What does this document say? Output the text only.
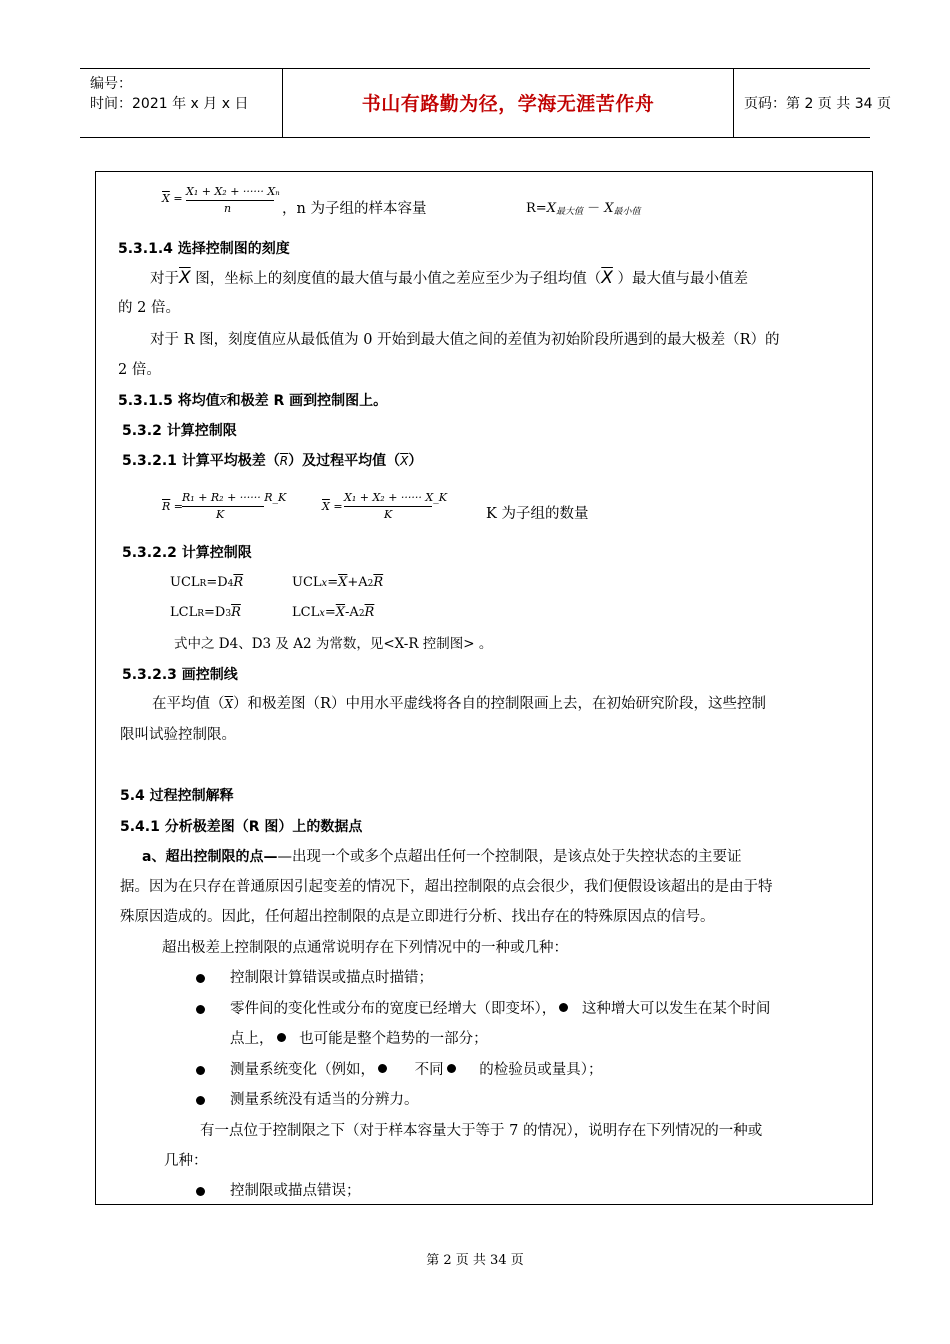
编号：
时间：2021 年 x 月 x 日	书山有路勤为径，学海无涯苦作舟	页码：第 2 页 共 34 页
$\overline{X}$ =
X₁ + X₂ + ······ Xₙ
n	，n 为子组的样本容量	$R=X_{最大值} - X_{最小值}$
5.3.1.4 选择控制图的刻度
对于$\overline{X}$ 图，坐标上的刻度值的最大值与最小值之差应至少为子组均值（$\overline{X}$ ）最大值与最小值差
的 2 倍。
对于 R 图，刻度值应从最低值为 0 开始到最大值之间的差值为初始阶段所遇到的最大极差（R）的
2 倍。
5.3.1.5 将均值$\overline{X}$和极差 R 画到控制图上。
5.3.2 计算控制限
5.3.2.1 计算平均极差$(\overline{R})$及过程平均值$(\overline{X})$
$\overline{R}$ =
R₁ + R₂ + ······ R_K
K
$\overline{X}$ =
X₁ + X₂ + ······ X_K
K	K 为子组的数量
5.3.2.2 计算控制限
$UCLR=D4\overline{R}$	$UCLx=\overline{X}+A2\overline{R}$
$LCLR=D3\overline{R}$	$LCLx=\overline{X}-A2\overline{R}$
式中之 D4、D3 及 A2 为常数，见<X-R 控制图> 。
5.3.2.3 画控制线
在平均值$(\overline{X})$和极差图（R）中用水平虚线将各自的控制限画上去，在初始研究阶段，这些控制
限叫试验控制限。
5.4 过程控制解释
5.4.1 分析极差图（R 图）上的数据点
a、超出控制限的点——出现一个或多个点超出任何一个控制限，是该点处于失控状态的主要证
据。因为在只存在普通原因引起变差的情况下，超出控制限的点会很少，我们便假设该超出的是由于特
殊原因造成的。因此，任何超出控制限的点是立即进行分析、找出存在的特殊原因点的信号。
超出极差上控制限的点通常说明存在下列情况中的一种或几种：
控制限计算错误或描点时描错；
零件间的变化性或分布的宽度已经增大（即变坏）， 这种增大可以发生在某个时间
点上， 也可能是整个趋势的一部分；
测量系统变化（例如，	不同 的检验员或量具）；
测量系统没有适当的分辨力。
有一点位于控制限之下（对于样本容量大于等于 7 的情况），说明存在下列情况的一种或
几种：
控制限或描点错误；
第 2 页 共 34 页
